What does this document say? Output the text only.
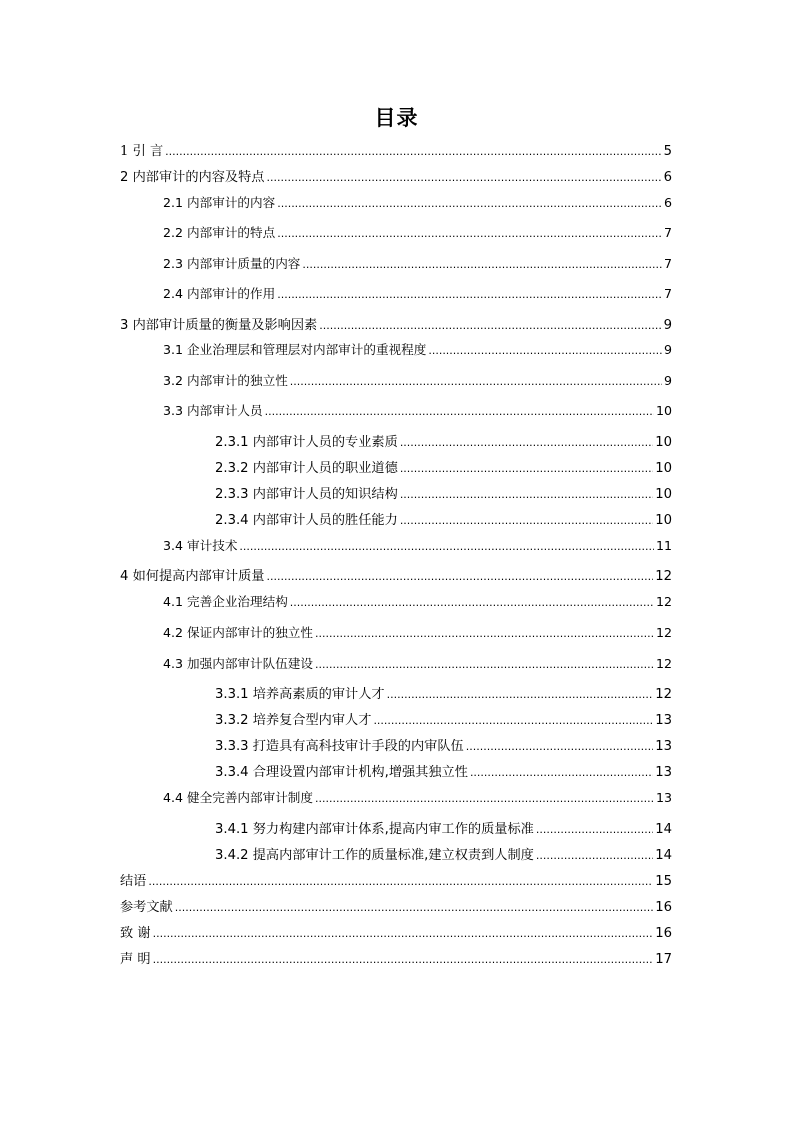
目录
1 引 言 .....	5
2 内部审计的内容及特点 .....	6
2.1 内部审计的内容 .....	6
2.2 内部审计的特点 .....	7
2.3 内部审计质量的内容 .....	7
2.4 内部审计的作用 .....	7
3 内部审计质量的衡量及影响因素 .....	9
3.1 企业治理层和管理层对内部审计的重视程度 .....	9
3.2 内部审计的独立性 .....	9
3.3 内部审计人员 .....	10
2.3.1 内部审计人员的专业素质 .....	10
2.3.2 内部审计人员的职业道德 .....	10
2.3.3 内部审计人员的知识结构 .....	10
2.3.4 内部审计人员的胜任能力 .....	10
3.4 审计技术 .....	11
4 如何提高内部审计质量 .....	12
4.1 完善企业治理结构 .....	12
4.2 保证内部审计的独立性 .....	12
4.3 加强内部审计队伍建设 .....	12
3.3.1 培养高素质的审计人才 .....	12
3.3.2 培养复合型内审人才 .....	13
3.3.3 打造具有高科技审计手段的内审队伍 .....	13
3.3.4 合理设置内部审计机构,增强其独立性 .....	13
4.4 健全完善内部审计制度 .....	13
3.4.1 努力构建内部审计体系,提高内审工作的质量标准 .....	14
3.4.2 提高内部审计工作的质量标准,建立权责到人制度 .....	14
结语 .....	15
参考文献 .....	16
致 谢 .....	16
声 明 .....	17
